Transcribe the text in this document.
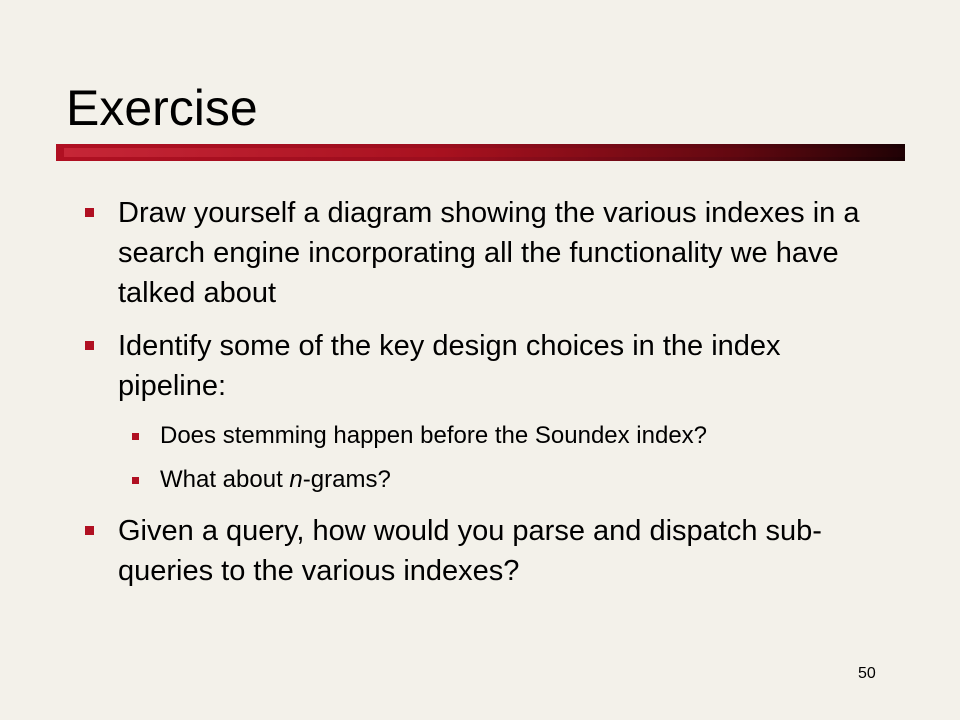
Exercise
Draw yourself a diagram showing the various indexes in a search engine incorporating all the functionality we have talked about
Identify some of the key design choices in the index pipeline:
Does stemming happen before the Soundex index?
What about n-grams?
Given a query, how would you parse and dispatch sub-queries to the various indexes?
50
